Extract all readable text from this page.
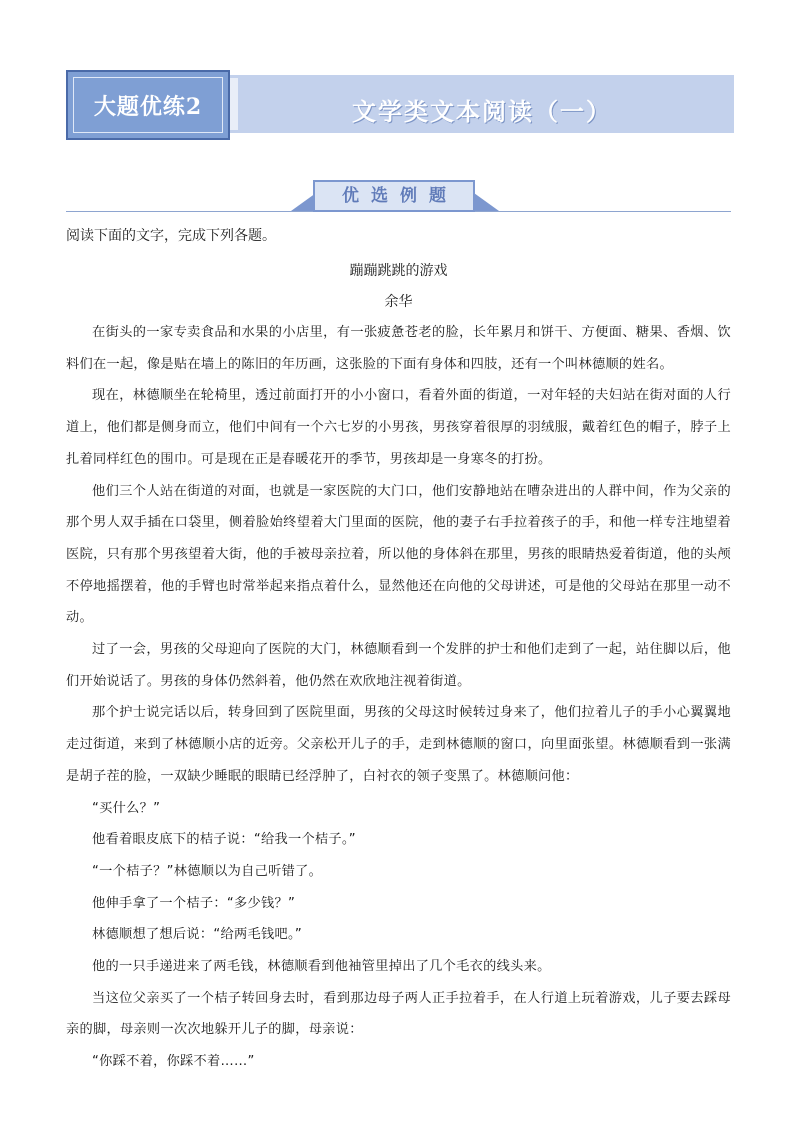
大题优练2	文学类文本阅读（一）
优选例题

阅读下面的文字，完成下列各题。

蹦蹦跳跳的游戏
余华

在街头的一家专卖食品和水果的小店里，有一张疲惫苍老的脸，长年累月和饼干、方便面、糖果、香烟、饮料们在一起，像是贴在墙上的陈旧的年历画，这张脸的下面有身体和四肢，还有一个叫林德顺的姓名。

现在，林德顺坐在轮椅里，透过前面打开的小小窗口，看着外面的街道，一对年轻的夫妇站在街对面的人行道上，他们都是侧身而立，他们中间有一个六七岁的小男孩，男孩穿着很厚的羽绒服，戴着红色的帽子，脖子上扎着同样红色的围巾。可是现在正是春暖花开的季节，男孩却是一身寒冬的打扮。

他们三个人站在街道的对面，也就是一家医院的大门口，他们安静地站在嘈杂进出的人群中间，作为父亲的那个男人双手插在口袋里，侧着脸始终望着大门里面的医院，他的妻子右手拉着孩子的手，和他一样专注地望着医院，只有那个男孩望着大街，他的手被母亲拉着，所以他的身体斜在那里，男孩的眼睛热爱着街道，他的头颅不停地摇摆着，他的手臂也时常举起来指点着什么，显然他还在向他的父母讲述，可是他的父母站在那里一动不动。

过了一会，男孩的父母迎向了医院的大门，林德顺看到一个发胖的护士和他们走到了一起，站住脚以后，他们开始说话了。男孩的身体仍然斜着，他仍然在欢欣地注视着街道。

那个护士说完话以后，转身回到了医院里面，男孩的父母这时候转过身来了，他们拉着儿子的手小心翼翼地走过街道，来到了林德顺小店的近旁。父亲松开儿子的手，走到林德顺的窗口，向里面张望。林德顺看到一张满是胡子茬的脸，一双缺少睡眠的眼睛已经浮肿了，白衬衣的领子变黑了。林德顺问他：

“买什么？”

他看着眼皮底下的桔子说：“给我一个桔子。”

“一个桔子？”林德顺以为自己听错了。

他伸手拿了一个桔子：“多少钱？”

林德顺想了想后说：“给两毛钱吧。”

他的一只手递进来了两毛钱，林德顺看到他袖管里掉出了几个毛衣的线头来。

当这位父亲买了一个桔子转回身去时，看到那边母子两人正手拉着手，在人行道上玩着游戏，儿子要去踩母亲的脚，母亲则一次次地躲开儿子的脚，母亲说：

“你踩不着，你踩不着……”
